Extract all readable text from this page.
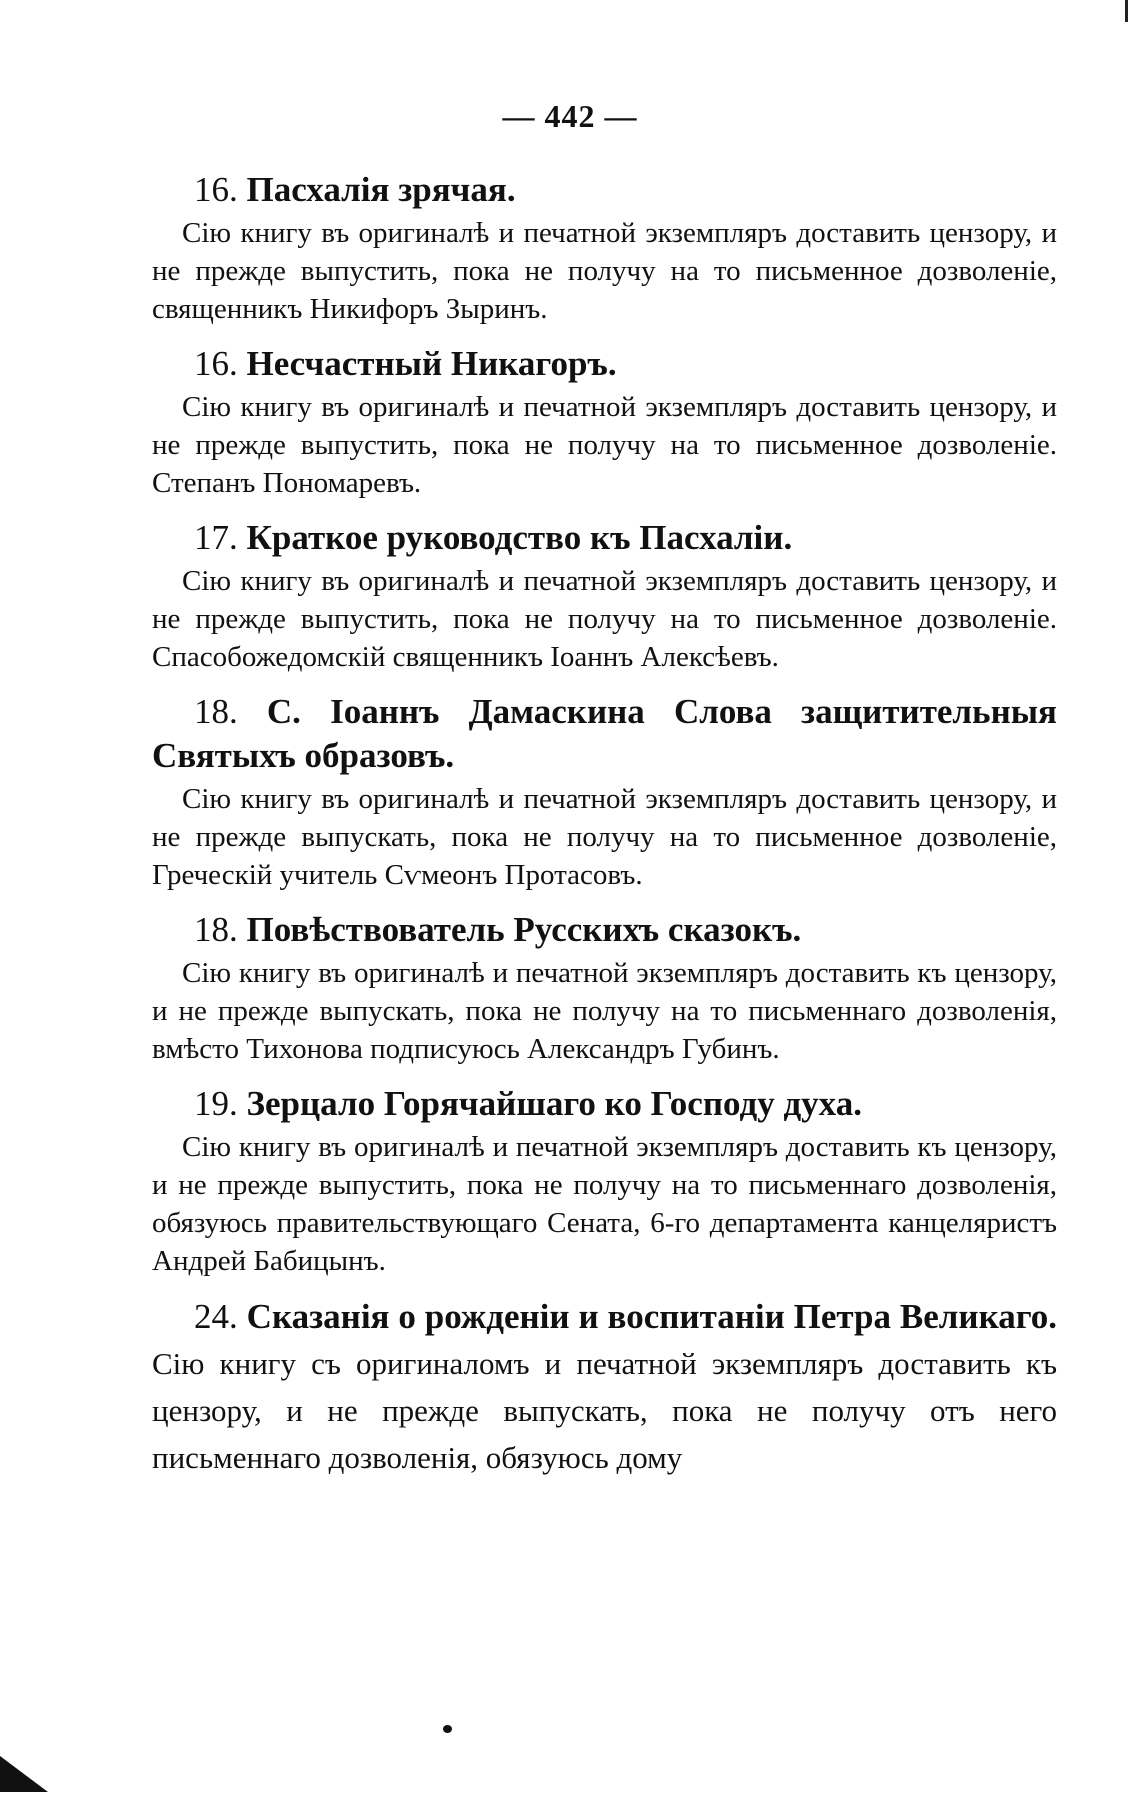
— 442 —

16. Пасхалія зрячая.

Сію книгу въ оригиналѣ и печатной экземпляръ доставить цензору, и не прежде выпустить, пока не получу на то письменное дозволеніе, священникъ Никифоръ Зыринъ.

16. Несчастный Никагоръ.

Сію книгу въ оригиналѣ и печатной экземпляръ доставить цензору, и не прежде выпустить, пока не получу на то письменное дозволеніе. Степанъ Пономаревъ.

17. Краткое руководство къ Пасхаліи.

Сію книгу въ оригиналѣ и печатной экземпляръ доставить цензору, и не прежде выпустить, пока не получу на то письменное дозволеніе. Спасобожедомскій священникъ Іоаннъ Алексѣевъ.

18. С. Іоаннъ Дамаскина Слова защитительныя Святыхъ образовъ.

Сію книгу въ оригиналѣ и печатной экземпляръ доставить цензору, и не прежде выпускать, пока не получу на то письменное дозволеніе, Греческій учитель Сѵмеонъ Протасовъ.

18. Повѣствователь Русскихъ сказокъ.

Сію книгу въ оригиналѣ и печатной экземпляръ доставить къ цензору, и не прежде выпускать, пока не получу на то письменнаго дозволенія, вмѣсто Тихонова подписуюсь Александръ Губинъ.

19. Зерцало Горячайшаго ко Господу духа.

Сію книгу въ оригиналѣ и печатной экземпляръ доставить къ цензору, и не прежде выпустить, пока не получу на то письменнаго дозволенія, обязуюсь правительствующаго Сената, 6-го департамента канцеляристъ Андрей Бабицынъ.

24. Сказанія о рожденіи и воспитаніи Петра Великаго. Сію книгу съ оригиналомъ и печатной экземпляръ доставить къ цензору, и не прежде выпускать, пока не получу отъ него письменнаго дозволенія, обязуюсь дому
